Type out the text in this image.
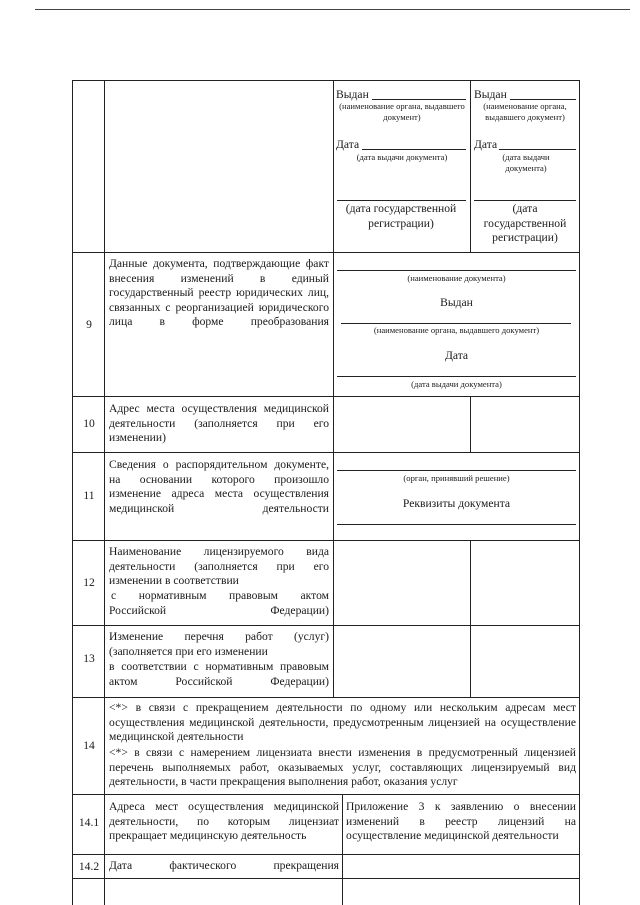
Выдан
(наименование органа, выдавшего документ)
Дата
(дата выдачи документа)
(дата государственной регистрации)
Выдан
(наименование органа, выдавшего документ)
Дата
(дата выдачи документа)
(дата государственной регистрации)
9
Данные документа, подтверждающие факт внесения изменений в единый государственный реестр юридических лиц, связанных с реорганизацией юридического лица в форме преобразования
(наименование документа)
Выдан
(наименование органа, выдавшего документ)
Дата
(дата выдачи документа)
10
Адрес места осуществления медицинской деятельности (заполняется при его изменении)
11
Сведения о распорядительном документе, на основании которого произошло изменение адреса места осуществления медицинской деятельности
(орган, принявший решение)
Реквизиты документа
12
Наименование лицензируемого вида деятельности (заполняется при его изменении в соответствии
с нормативным правовым актом Российской Федерации)
13
Изменение перечня работ (услуг)
(заполняется при его изменении
в соответствии с нормативным правовым актом Российской Федерации)
14
<*> в связи с прекращением деятельности по одному или нескольким адресам мест осуществления медицинской деятельности, предусмотренным лицензией на осуществление медицинской деятельности
<*> в связи с намерением лицензиата внести изменения в предусмотренный лицензией перечень выполняемых работ, оказываемых услуг, составляющих лицензируемый вид деятельности, в части прекращения выполнения работ, оказания услуг
14.1
Адреса мест осуществления медицинской деятельности, по которым лицензиат прекращает медицинскую деятельность
Приложение 3 к заявлению о внесении изменений в реестр лицензий на осуществление медицинской деятельности
14.2 Дата фактического прекращения
